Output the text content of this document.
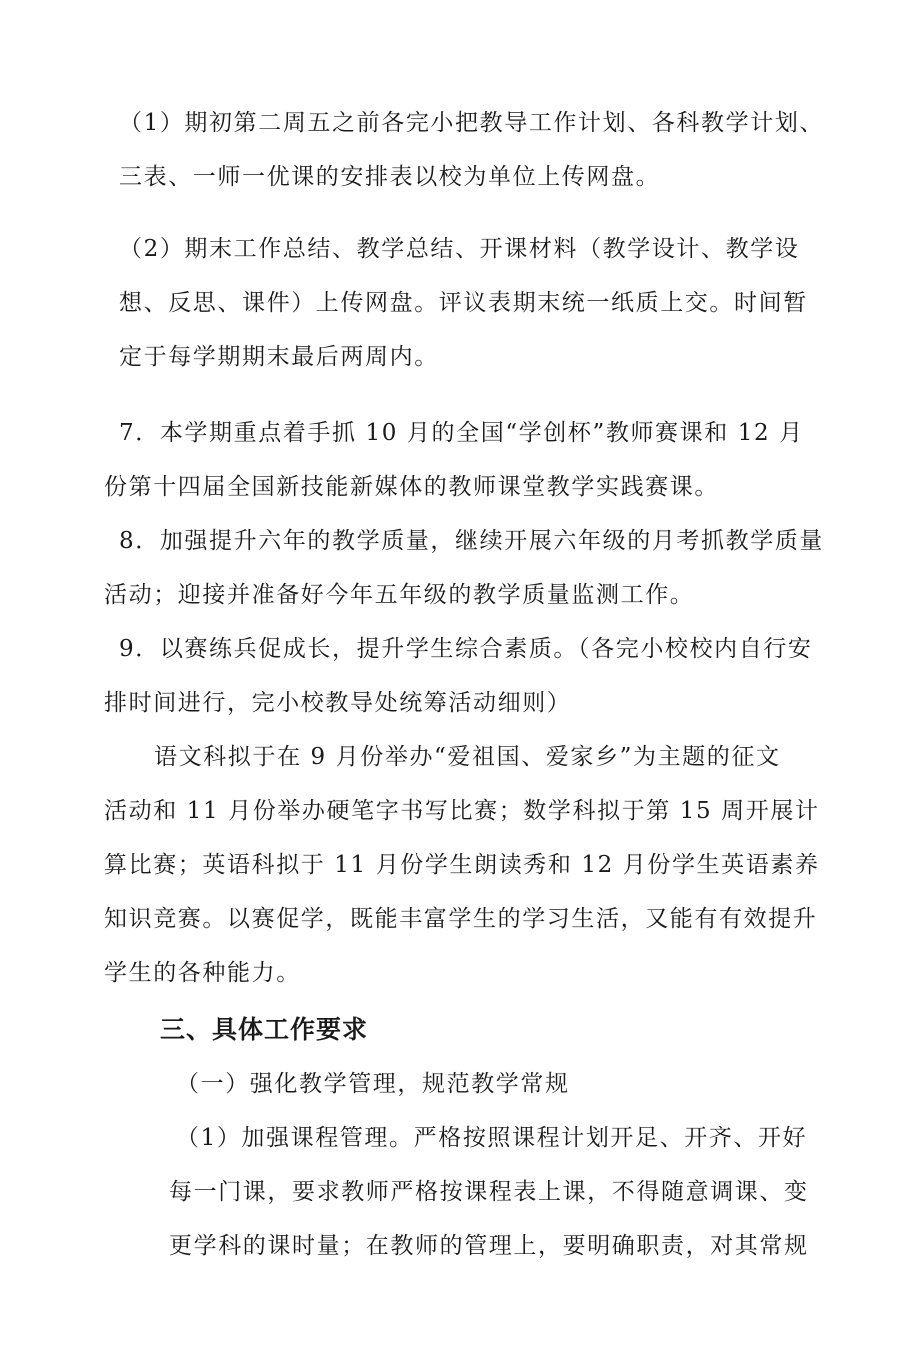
（1）期初第二周五之前各完小把教导工作计划、各科教学计划、
三表、一师一优课的安排表以校为单位上传网盘。
（2）期末工作总结、教学总结、开课材料（教学设计、教学设
想、反思、课件）上传网盘。评议表期末统一纸质上交。时间暂
定于每学期期末最后两周内。
7．本学期重点着手抓 10 月的全国“学创杯”教师赛课和 12 月
份第十四届全国新技能新媒体的教师课堂教学实践赛课。
8．加强提升六年的教学质量，继续开展六年级的月考抓教学质量
活动；迎接并准备好今年五年级的教学质量监测工作。
9．以赛练兵促成长，提升学生综合素质。（各完小校校内自行安
排时间进行，完小校教导处统筹活动细则）
语文科拟于在 9 月份举办“爱祖国、爱家乡”为主题的征文
活动和 11 月份举办硬笔字书写比赛；数学科拟于第 15 周开展计
算比赛；英语科拟于 11 月份学生朗读秀和 12 月份学生英语素养
知识竞赛。以赛促学，既能丰富学生的学习生活，又能有有效提升
学生的各种能力。
三、具体工作要求
（一）强化教学管理，规范教学常规
（1）加强课程管理。严格按照课程计划开足、开齐、开好
每一门课，要求教师严格按课程表上课，不得随意调课、变
更学科的课时量；在教师的管理上，要明确职责，对其常规
